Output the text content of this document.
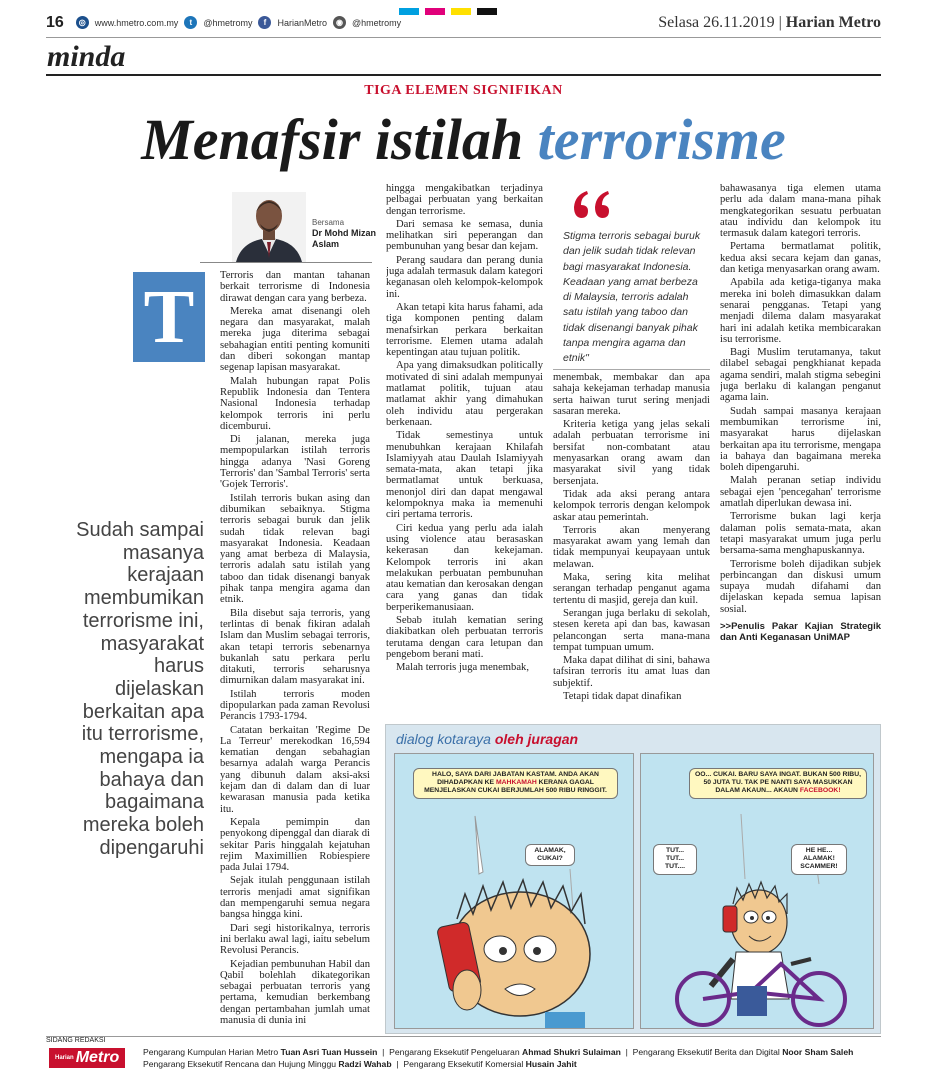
16	◎	www.hmetro.com.my	t	@hmetromy	f	HarianMetro	◉	@hmetromy	Selasa 26.11.2019 | Harian Metro
minda
TIGA ELEMEN SIGNIFIKAN
Menafsir istilah terrorisme
Bersama
Dr Mohd Mizan Aslam
T
Sudah sampai masanya kerajaan membumikan terrorisme ini, masyarakat harus dijelaskan berkaitan apa itu terrorisme, mengapa ia bahaya dan bagaimana mereka boleh dipengaruhi

Terroris dan mantan tahanan berkait terrorisme di Indonesia dirawat dengan cara yang berbeza.

Mereka amat disenangi oleh negara dan masyarakat, malah mereka juga diterima sebagai sebahagian entiti penting komuniti dan diberi sokongan mantap segenap lapisan masyarakat.

Malah hubungan rapat Polis Republik Indonesia dan Tentera Nasional Indonesia terhadap kelompok terroris ini perlu dicemburui.

Di jalanan, mereka juga mempopularkan istilah terroris hingga adanya 'Nasi Goreng Terroris' dan 'Sambal Terroris' serta 'Gojek Terroris'.

Istilah terroris bukan asing dan dibumikan sebaiknya. Stigma terroris sebagai buruk dan jelik sudah tidak relevan bagi masyarakat Indonesia. Keadaan yang amat berbeza di Malaysia, terroris adalah satu istilah yang taboo dan tidak disenangi banyak pihak tanpa mengira agama dan etnik.

Bila disebut saja terroris, yang terlintas di benak fikiran adalah Islam dan Muslim sebagai terroris, akan tetapi terroris sebenarnya bukanlah satu perkara perlu ditakuti, terroris seharusnya dimurnikan dalam masyarakat ini.

Istilah terroris moden dipopularkan pada zaman Revolusi Perancis 1793-1794.

Catatan berkaitan 'Regime De La Terreur' merekodkan 16,594 kematian dengan sebahagian besarnya adalah warga Perancis yang dibunuh dalam aksi-aksi kejam dan di dalam dan di luar kewarasan manusia pada ketika itu.

Kepala pemimpin dan penyokong dipenggal dan diarak di sekitar Paris hinggalah kejatuhan rejim Maximillien Robiespiere pada Julai 1794.

Sejak itulah penggunaan istilah terroris menjadi amat signifikan dan mempengaruhi semua negara bangsa hingga kini.

Dari segi historikalnya, terroris ini berlaku awal lagi, iaitu sebelum Revolusi Perancis.

Kejadian pembunuhan Habil dan Qabil bolehlah dikategorikan sebagai perbuatan terroris yang pertama, kemudian berkembang dengan pertambahan jumlah umat manusia di dunia ini

hingga mengakibatkan terjadinya pelbagai perbuatan yang berkaitan dengan terrorisme.

Dari semasa ke semasa, dunia melihatkan siri peperangan dan pembunuhan yang besar dan kejam.

Perang saudara dan perang dunia juga adalah termasuk dalam kategori keganasan oleh kelompok-kelompok ini.

Akan tetapi kita harus fahami, ada tiga komponen penting dalam menafsirkan perkara berkaitan terrorisme. Elemen utama adalah kepentingan atau tujuan politik.

Apa yang dimaksudkan politically motivated di sini adalah mempunyai matlamat politik, tujuan atau matlamat akhir yang dimahukan oleh individu atau pergerakan berkenaan.

Tidak semestinya untuk menubuhkan kerajaan Khilafah Islamiyyah atau Daulah Islamiyyah semata-mata, akan tetapi jika bermatlamat untuk berkuasa, menonjol diri dan dapat mengawal kelompoknya maka ia memenuhi ciri pertama terroris.

Ciri kedua yang perlu ada ialah using violence atau berasaskan kekerasan dan kekejaman. Kelompok terroris ini akan melakukan perbuatan pembunuhan atau kematian dan kerosakan dengan cara yang ganas dan tidak berperikemanusiaan.

Sebab itulah kematian sering diakibatkan oleh perbuatan terroris terutama dengan cara letupan dan pengebom berani mati.

Malah terroris juga menembak,

Stigma terroris sebagai buruk dan jelik sudah tidak relevan bagi masyarakat Indonesia. Keadaan yang amat berbeza di Malaysia, terroris adalah satu istilah yang taboo dan tidak disenangi banyak pihak tanpa mengira agama dan etnik"

menembak, membakar dan apa sahaja kekejaman terhadap manusia serta haiwan turut sering menjadi sasaran mereka.

Kriteria ketiga yang jelas sekali adalah perbuatan terrorisme ini bersifat non-combatant atau menyasarkan orang awam dan masyarakat sivil yang tidak bersenjata.

Tidak ada aksi perang antara kelompok terroris dengan kelompok askar atau pemerintah.

Terroris akan menyerang masyarakat awam yang lemah dan tidak mempunyai keupayaan untuk melawan.

Maka, sering kita melihat serangan terhadap penganut agama tertentu di masjid, gereja dan kuil.

Serangan juga berlaku di sekolah, stesen kereta api dan bas, kawasan pelancongan serta mana-mana tempat tumpuan umum.

Maka dapat dilihat di sini, bahawa tafsiran terroris itu amat luas dan subjektif.

Tetapi tidak dapat dinafikan

bahawasanya tiga elemen utama perlu ada dalam mana-mana pihak mengkategorikan sesuatu perbuatan atau individu dan kelompok itu termasuk dalam kategori terroris.

Pertama bermatlamat politik, kedua aksi secara kejam dan ganas, dan ketiga menyasarkan orang awam.

Apabila ada ketiga-tiganya maka mereka ini boleh dimasukkan dalam senarai pengganas. Tetapi yang menjadi dilema dalam masyarakat hari ini adalah ketika membicarakan isu terrorisme.

Bagi Muslim terutamanya, takut dilabel sebagai pengkhianat kepada agama sendiri, malah stigma sebegini juga berlaku di kalangan penganut agama lain.

Sudah sampai masanya kerajaan membumikan terrorisme ini, masyarakat harus dijelaskan berkaitan apa itu terrorisme, mengapa ia bahaya dan bagaimana mereka boleh dipengaruhi.

Malah peranan setiap individu sebagai ejen 'pencegahan' terrorisme amatlah diperlukan dewasa ini.

Terrorisme bukan lagi kerja dalaman polis semata-mata, akan tetapi masyarakat umum juga perlu bersama-sama menghapuskannya.

Terrorisme boleh dijadikan subjek perbincangan dan diskusi umum supaya mudah difahami dan dijelaskan kepada semua lapisan sosial.

>>Penulis Pakar Kajian Strategik dan Anti Keganasan UniMAP

dialog kotaraya oleh juragan
HALO, SAYA DARI JABATAN KASTAM. ANDA AKAN DIHADAPKAN KE MAHKAMAH KERANA GAGAL MENJELASKAN CUKAI BERJUMLAH 500 RIBU RINGGIT.
ALAMAK, CUKAI?
OO... CUKAI. BARU SAYA INGAT. BUKAN 500 RIBU, 50 JUTA TU. TAK PE NANTI SAYA MASUKKAN DALAM AKAUN... AKAUN FACEBOOK!
TUT... TUT... TUT....
HE HE... ALAMAK! SCAMMER!
SIDANG REDAKSI
$^{Harian}$ Metro	Pengarang Kumpulan Harian Metro Tuan Asri Tuan Hussein  |  Pengarang Eksekutif Pengeluaran Ahmad Shukri Sulaiman  |  Pengarang Eksekutif Berita dan Digital Noor Sham Saleh
Pengarang Eksekutif Rencana dan Hujung Minggu Radzi Wahab  |  Pengarang Eksekutif Komersial Husain Jahit
